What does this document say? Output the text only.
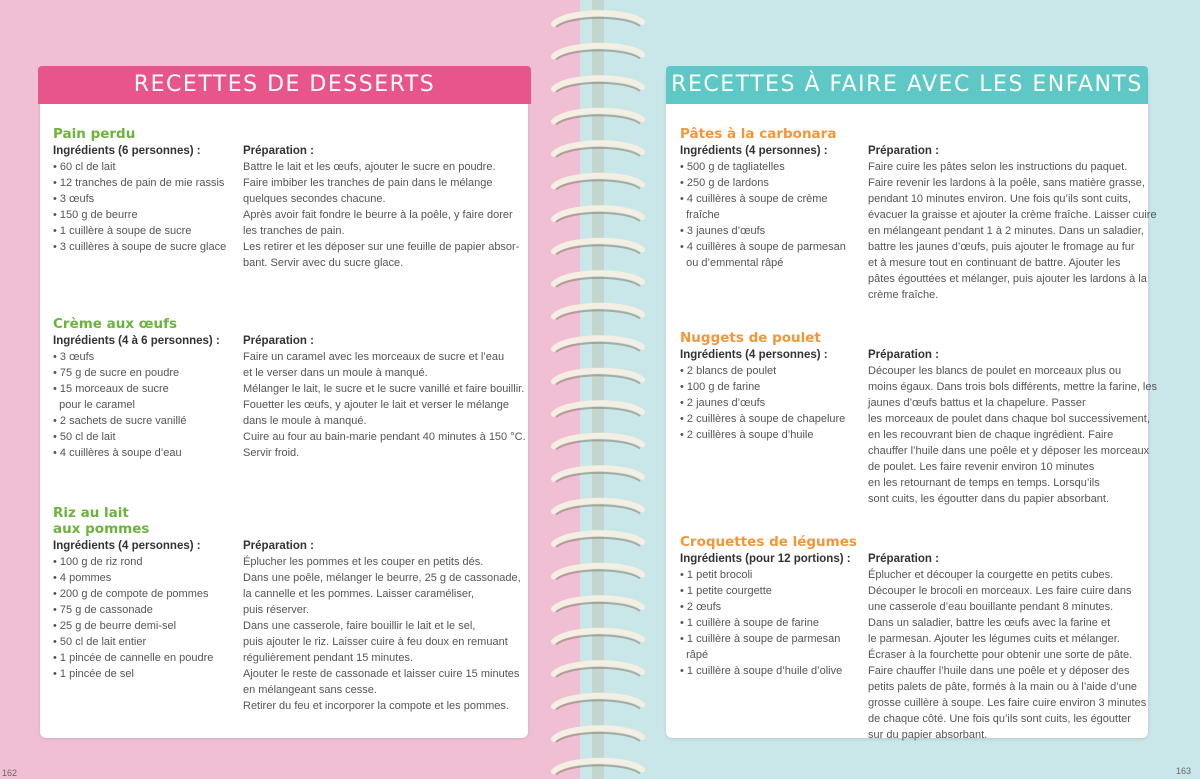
RECETTES DE DESSERTS
Pain perdu
Ingrédients (6 personnes) :
• 60 cl de lait
• 12 tranches de pain de mie rassis
• 3 œufs
• 150 g de beurre
• 1 cuillère à soupe de sucre
• 3 cuillères à soupe de sucre glace
Préparation :
Battre le lait et les œufs, ajouter le sucre en poudre.
Faire imbiber les tranches de pain dans le mélange
quelques secondes chacune.
Après avoir fait fondre le beurre à la poêle, y faire dorer
les tranches de pain.
Les retirer et les déposer sur une feuille de papier absor-
bant. Servir avec du sucre glace.
Crème aux œufs
Ingrédients (4 à 6 personnes) :
• 3 œufs
• 75 g de sucre en poudre
• 15 morceaux de sucre
pour le caramel
• 2 sachets de sucre vanillé
• 50 cl de lait
• 4 cuillères à soupe d’eau
Préparation :
Faire un caramel avec les morceaux de sucre et l’eau
et le verser dans un moule à manqué.
Mélanger le lait, le sucre et le sucre vanillé et faire bouillir.
Fouetter les œufs, y ajouter le lait et verser le mélange
dans le moule à manqué.
Cuire au four au bain-marie pendant 40 minutes à 150 °C.
Servir froid.
Riz au lait
aux pommes
Ingrédients (4 personnes) :
• 100 g de riz rond
• 4 pommes
• 200 g de compote de pommes
• 75 g de cassonade
• 25 g de beurre demi-sel
• 50 cl de lait entier
• 1 pincée de cannelle en poudre
• 1 pincée de sel
Préparation :
Éplucher les pommes et les couper en petits dés.
Dans une poêle, mélanger le beurre, 25 g de cassonade,
la cannelle et les pommes. Laisser caraméliser,
puis réserver.
Dans une casserole, faire bouillir le lait et le sel,
puis ajouter le riz. Laisser cuire à feu doux en remuant
régulièrement pendant 15 minutes.
Ajouter le reste de cassonade et laisser cuire 15 minutes
en mélangeant sans cesse.
Retirer du feu et incorporer la compote et les pommes.
162
RECETTES À FAIRE AVEC LES ENFANTS
Pâtes à la carbonara
Ingrédients (4 personnes) :
• 500 g de tagliatelles
• 250 g de lardons
• 4 cuillères à soupe de crème
fraîche
• 3 jaunes d’œufs
• 4 cuillères à soupe de parmesan
ou d’emmental râpé
Préparation :
Faire cuire les pâtes selon les instructions du paquet.
Faire revenir les lardons à la poêle, sans matière grasse,
pendant 10 minutes environ. Une fois qu’ils sont cuits,
évacuer la graisse et ajouter la crème fraîche. Laisser cuire
en mélangeant pendant 1 à 2 minutes. Dans un saladier,
battre les jaunes d’œufs, puis ajouter le fromage au fur
et à mesure tout en continuant de battre. Ajouter les
pâtes égouttées et mélanger, puis ajouter les lardons à la
crème fraîche.
Nuggets de poulet
Ingrédients (4 personnes) :
• 2 blancs de poulet
• 100 g de farine
• 2 jaunes d’œufs
• 2 cuillères à soupe de chapelure
• 2 cuillères à soupe d’huile
Préparation :
Découper les blancs de poulet en morceaux plus ou
moins égaux. Dans trois bols différents, mettre la farine, les
jaunes d’œufs battus et la chapelure. Passer
les morceaux de poulet dans chaque bol successivement,
en les recouvrant bien de chaque ingrédient. Faire
chauffer l’huile dans une poêle et y déposer les morceaux
de poulet. Les faire revenir environ 10 minutes
en les retournant de temps en temps. Lorsqu’ils
sont cuits, les égoutter dans du papier absorbant.
Croquettes de légumes
Ingrédients (pour 12 portions) :
• 1 petit brocoli
• 1 petite courgette
• 2 œufs
• 1 cuillère à soupe de farine
• 1 cuillère à soupe de parmesan
râpé
• 1 cuillère à soupe d’huile d’olive
Préparation :
Éplucher et découper la courgette en petits cubes.
Découper le brocoli en morceaux. Les faire cuire dans
une casserole d’eau bouillante pendant 8 minutes.
Dans un saladier, battre les œufs avec la farine et
le parmesan. Ajouter les légumes cuits et mélanger.
Écraser à la fourchette pour obtenir une sorte de pâte.
Faire chauffer l’huile dans une poêle et y déposer des
petits palets de pâte, formés à la main ou à l’aide d’une
grosse cuillère à soupe. Les faire cuire environ 3 minutes
de chaque côté. Une fois qu’ils sont cuits, les égoutter
sur du papier absorbant.
163
